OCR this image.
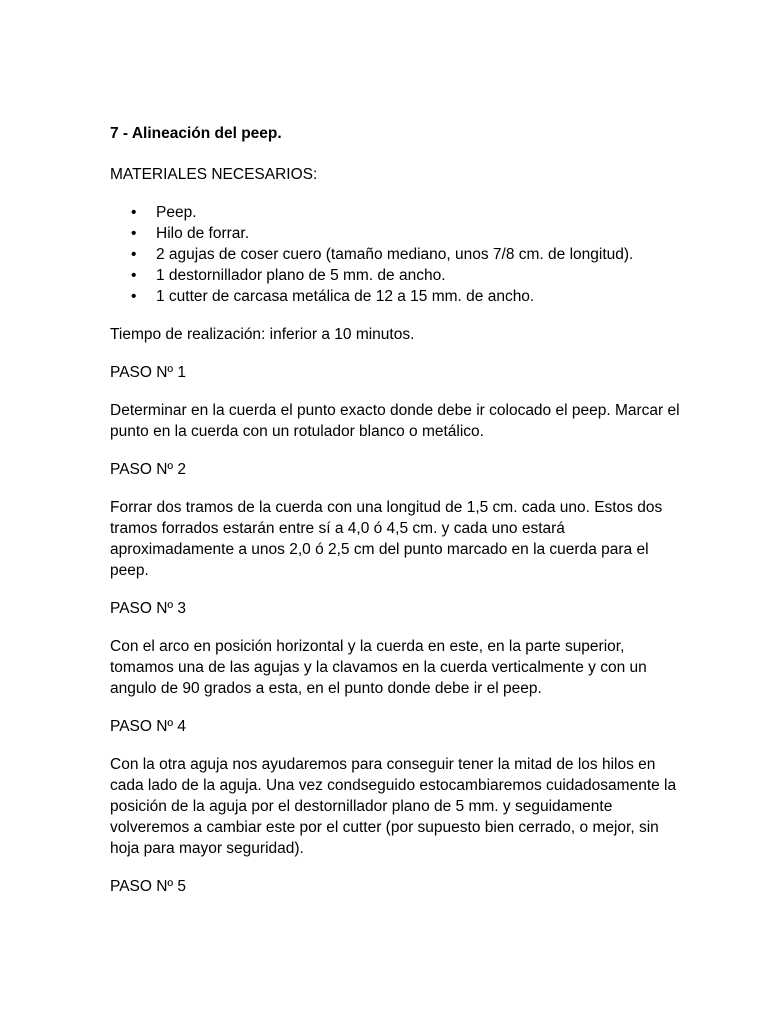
7 - Alineación del peep.

MATERIALES NECESARIOS:

• Peep.
• Hilo de forrar.
• 2 agujas de coser cuero (tamaño mediano, unos 7/8 cm. de longitud).
• 1 destornillador plano de 5 mm. de ancho.
• 1 cutter de carcasa metálica de 12 a 15 mm. de ancho.

Tiempo de realización: inferior a 10 minutos.

PASO Nº 1

Determinar en la cuerda el punto exacto donde debe ir colocado el peep. Marcar el punto en la cuerda con un rotulador blanco o metálico.

PASO Nº 2

Forrar dos tramos de la cuerda con una longitud de 1,5 cm. cada uno. Estos dos tramos forrados estarán entre sí a 4,0 ó 4,5 cm. y cada uno estará aproximadamente a unos 2,0 ó 2,5 cm del punto marcado en la cuerda para el peep.

PASO Nº 3

Con el arco en posición horizontal y la cuerda en este, en la parte superior, tomamos una de las agujas y la clavamos en la cuerda verticalmente y con un angulo de 90 grados a esta, en el punto donde debe ir el peep.

PASO Nº 4

Con la otra aguja nos ayudaremos para conseguir tener la mitad de los hilos en cada lado de la aguja. Una vez condseguido estocambiaremos cuidadosamente la posición de la aguja por el destornillador plano de 5 mm. y seguidamente volveremos a cambiar este por el cutter (por supuesto bien cerrado, o mejor, sin hoja para mayor seguridad).

PASO Nº 5
